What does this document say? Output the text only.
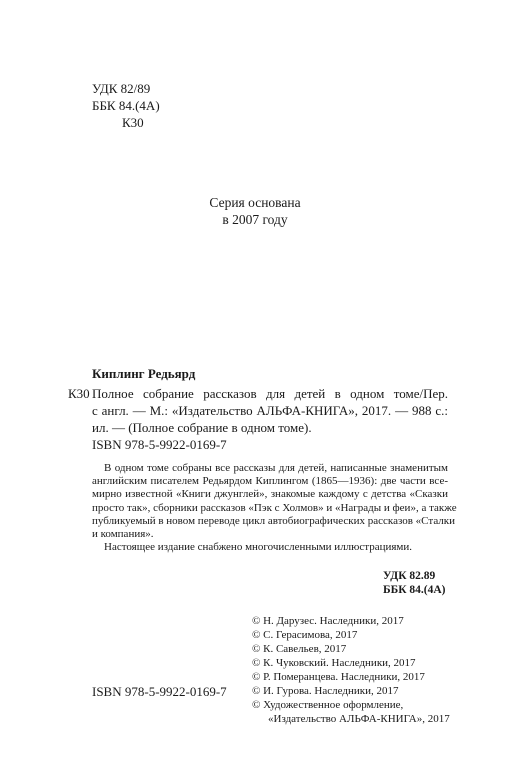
УДК 82/89
ББК 84.(4А)
К30
Серия основана
в 2007 году
Киплинг Редьярд
К30 Полное собрание рассказов для детей в одном томе/Пер.
с англ. — М.: «Издательство АЛЬФА-КНИГА», 2017. — 988 с.:
ил. — (Полное собрание в одном томе).
ISBN 978-5-9922-0169-7
В одном томе собраны все рассказы для детей, написанные знаменитым
английским писателем Редьярдом Киплингом (1865—1936): две части все-
мирно известной «Книги джунглей», знакомые каждому с детства «Сказки
просто так», сборники рассказов «Пэк с Холмов» и «Награды и феи», а также
публикуемый в новом переводе цикл автобиографических рассказов «Сталки
и компания».
Настоящее издание снабжено многочисленными иллюстрациями.
УДК 82.89
ББК 84.(4А)
© Н. Дарузес. Наследники, 2017
© С. Герасимова, 2017
© К. Савельев, 2017
© К. Чуковский. Наследники, 2017
© Р. Померанцева. Наследники, 2017
© И. Гурова. Наследники, 2017
© Художественное оформление,
«Издательство АЛЬФА-КНИГА», 2017
ISBN 978-5-9922-0169-7
